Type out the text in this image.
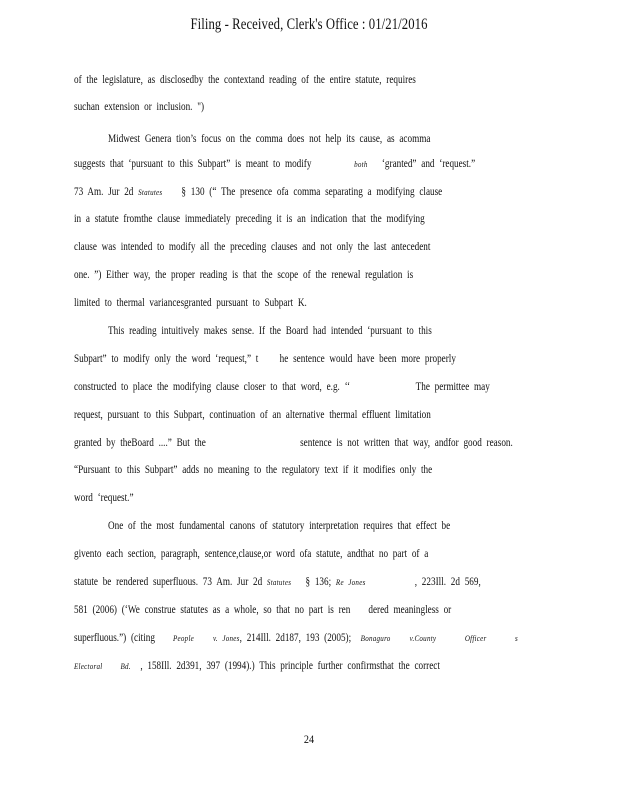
Filing - Received, Clerk's Office : 01/21/2016
of the legislature, as disclosedby the contextand reading of the entire statute, requires
suchan extension or inclusion. ")
Midwest Genera tion’s focus on the comma does not help its cause, as acomma
suggests that ‘pursuant to this Subpart” is meant to modify	both ‘granted” and ‘request.”
73 Am. Jur 2d Statutes § 130 (“ The presence ofa comma separating a modifying clause
in a statute fromthe clause immediately preceding it is an indication that the modifying
clause was intended to modify all the preceding clauses and not only the last antecedent
one. ”) Either way, the proper reading is that the scope of the renewal regulation is
limited to thermal variancesgranted pursuant to Subpart K.
This reading intuitively makes sense. If the Board had intended ‘pursuant to this
Subpart” to modify only the word ‘request,” t he sentence would have been more properly
constructed to place the modifying clause closer to that word, e.g. ‘‘	The permittee may
request, pursuant to this Subpart, continuation of an alternative thermal effluent limitation
granted by theBoard ....” But the	sentence is not written that way, andfor good reason.
“Pursuant to this Subpart” adds no meaning to the regulatory text if it modifies only the
word ‘request.”
One of the most fundamental canons of statutory interpretation requires that effect be
givento each section, paragraph, sentence,clause,or word ofa statute, andthat no part of a
statute be rendered superfluous. 73 Am. Jur 2d Statutes § 136; Re Jones	, 223Ill. 2d 569,
581 (2006) (‘We construe statutes as a whole, so that no part is ren dered meaningless or
superfluous.”) (citing People v. Jones, 214Ill. 2d187, 193 (2005); Bonaguro v.County	Officer	s
Electoral Bd. , 158Ill. 2d391, 397 (1994).) This principle further confirmsthat the correct
24
